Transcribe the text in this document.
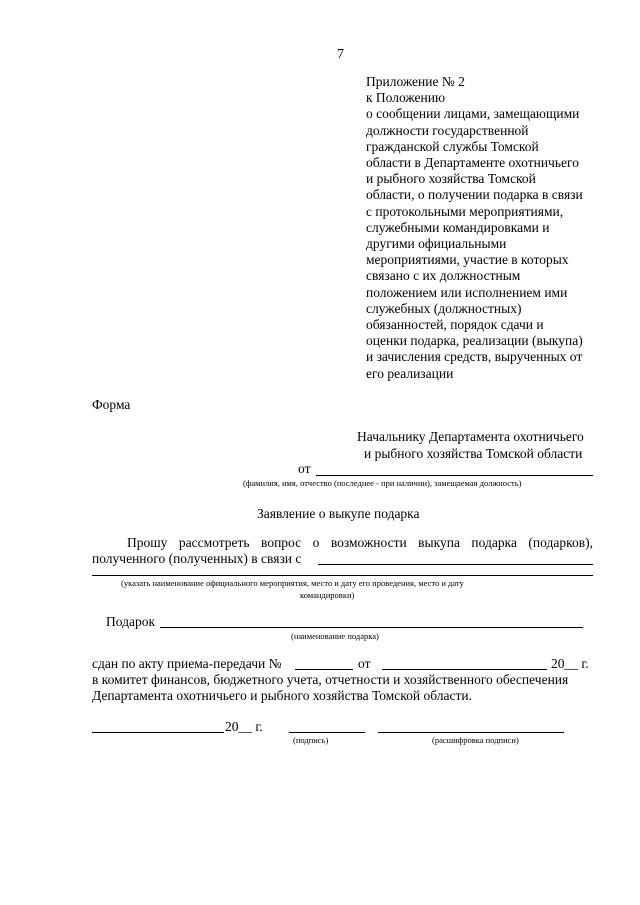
7
Приложение № 2
к Положению
о сообщении лицами, замещающими
должности государственной
гражданской службы Томской
области в Департаменте охотничьего
и рыбного хозяйства Томской
области, о получении подарка в связи
с протокольными мероприятиями,
служебными командировками и
другими официальными
мероприятиями, участие в которых
связано с их должностным
положением или исполнением ими
служебных (должностных)
обязанностей, порядок сдачи и
оценки подарка, реализации (выкупа)
и зачисления средств, вырученных от
его реализации
Форма
Начальнику Департамента охотничьего
и рыбного хозяйства Томской области
от
(фамилия, имя, отчество (последнее - при наличии), замещаемая должность)
Заявление о выкупе подарка
Прошу рассмотреть вопрос о возможности выкупа подарка (подарков),
полученного (полученных) в связи с
(указать наименование официального мероприятия, место и дату его проведения, место и дату
командировки)
Подарок
(наименование подарка)
сдан по акту приема-передачи №	от	20__ г.
в комитет финансов, бюджетного учета, отчетности и хозяйственного обеспечения
Департамента охотничьего и рыбного хозяйства Томской области.
20__ г.
(подпись)	(расшифровка подписи)
